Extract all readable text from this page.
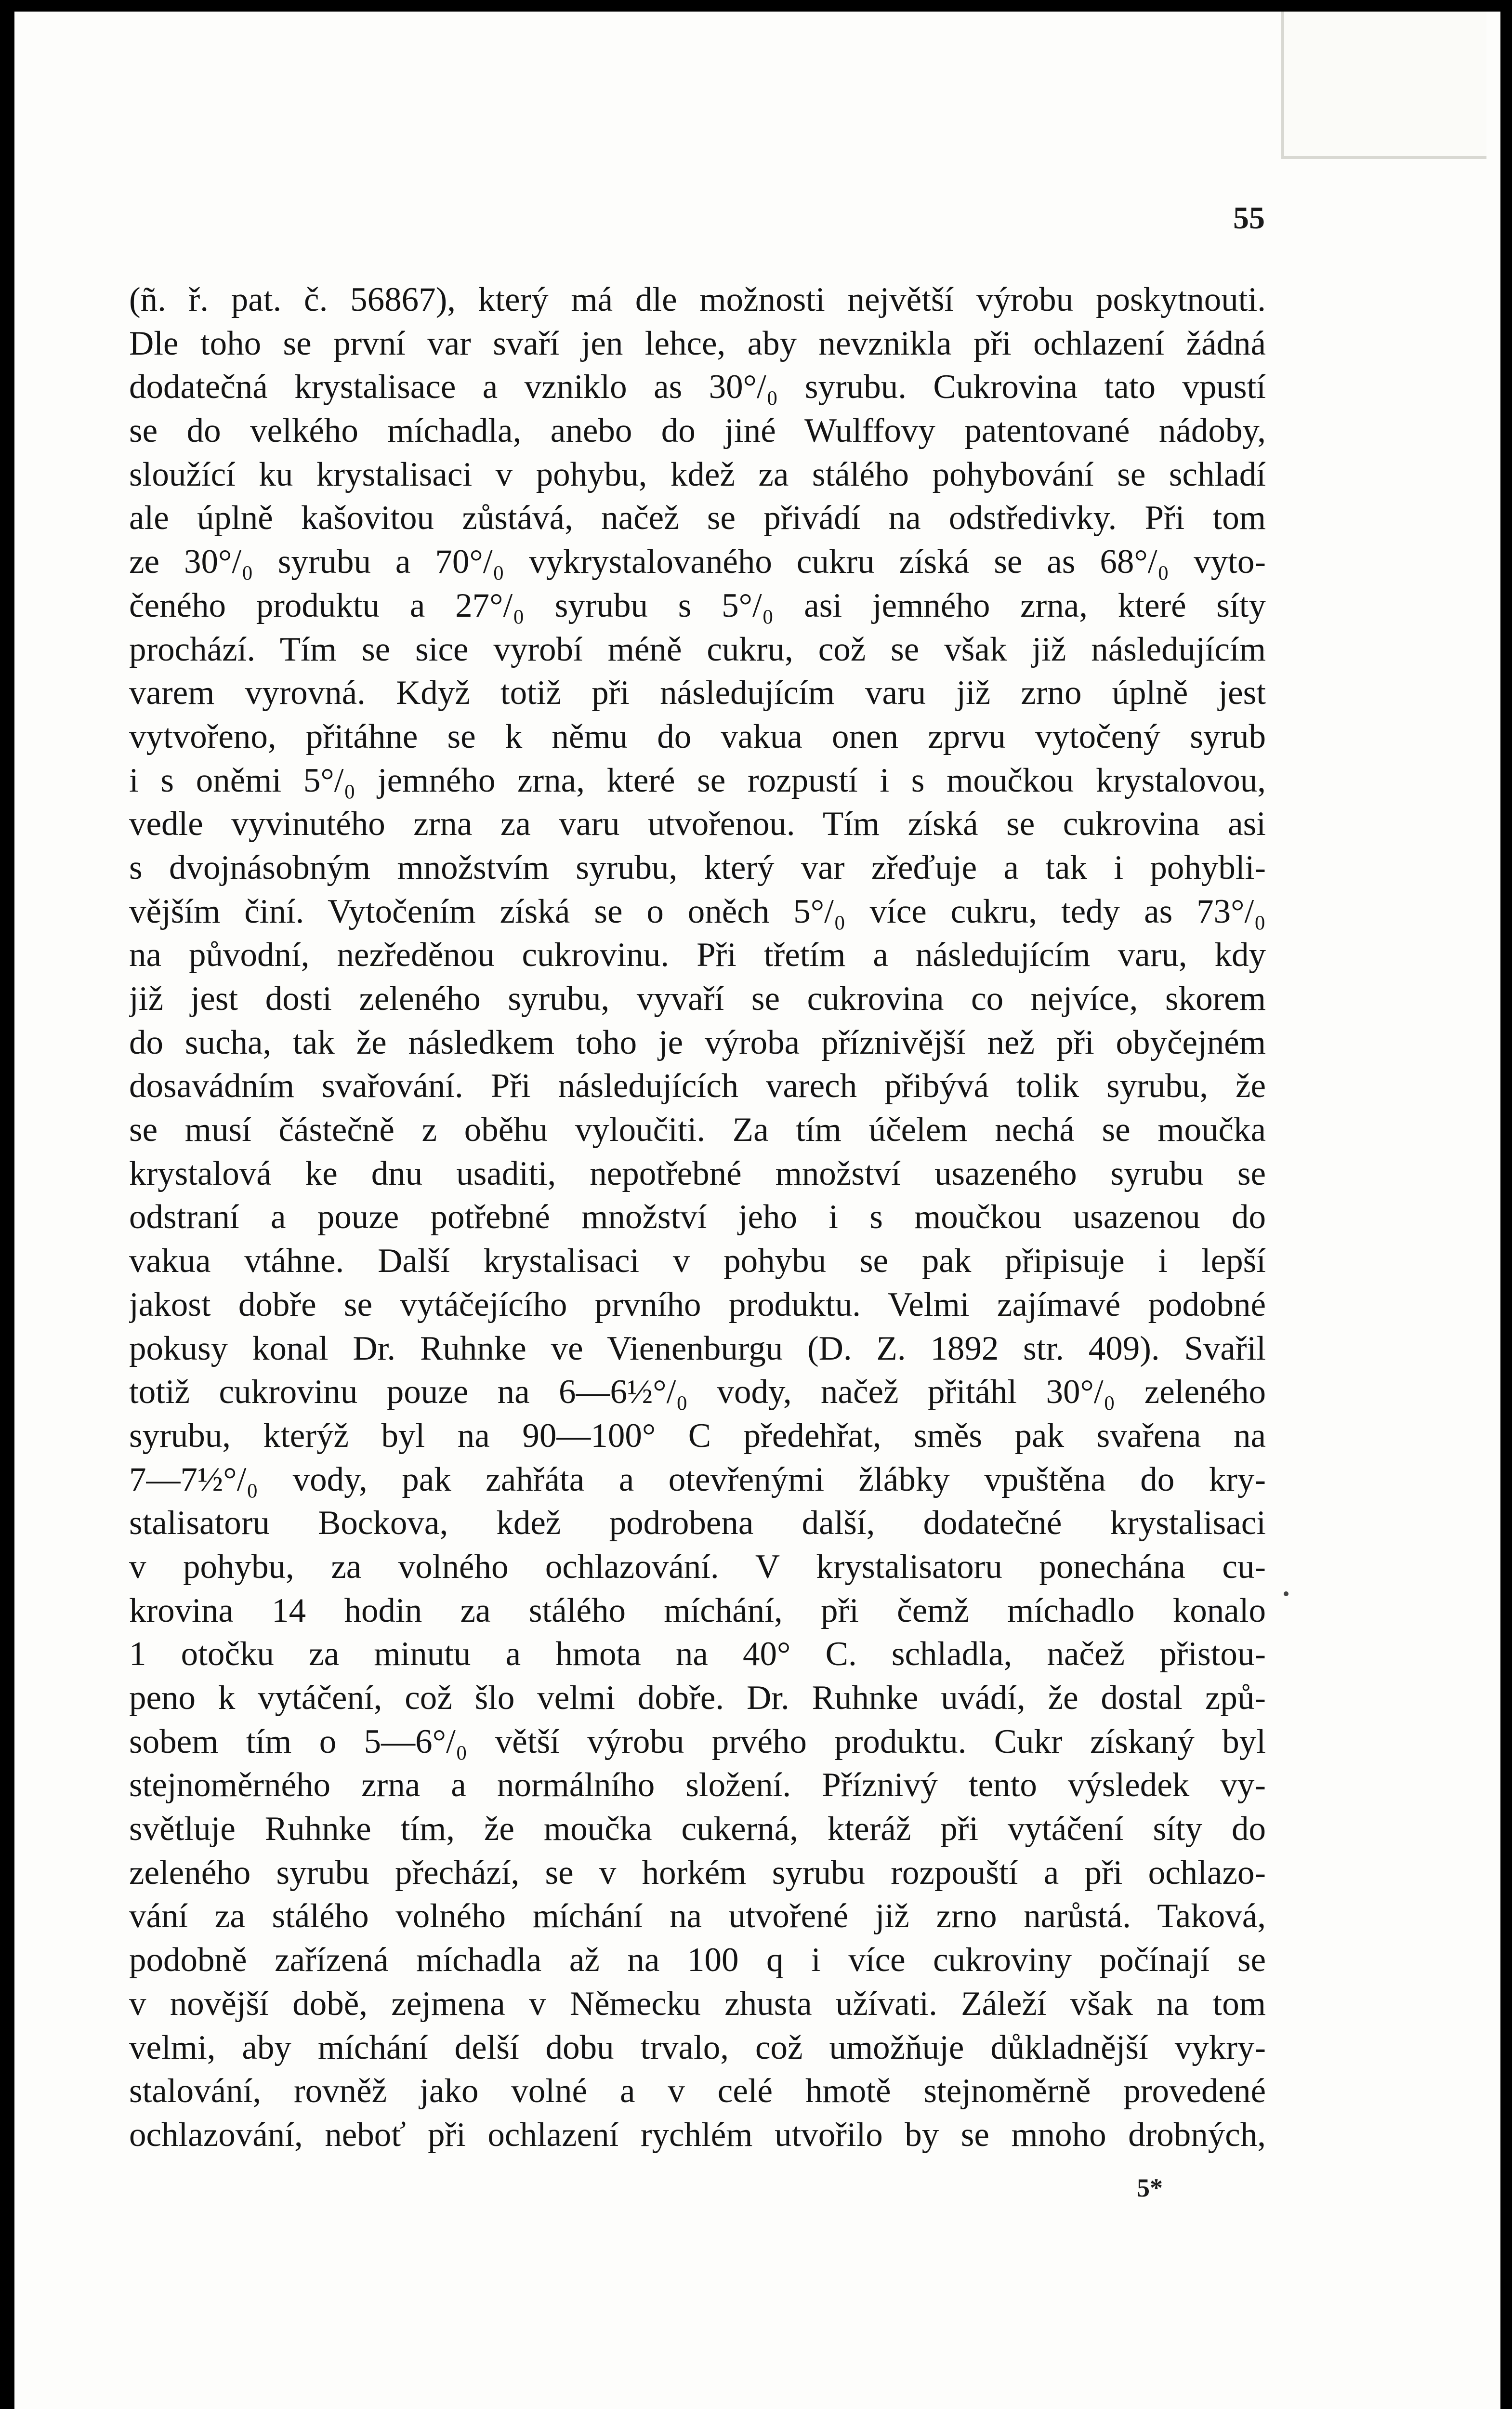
55
(ñ. ř. pat. č. 56867), který má dle možnosti největší výrobu poskytnouti.
Dle toho se první var svaří jen lehce, aby nevznikla při ochlazení žádná
dodatečná krystalisace a vzniklo as 30°/₀ syrubu. Cukrovina tato vpustí
se do velkého míchadla, anebo do jiné Wulffovy patentované nádoby,
sloužící ku krystalisaci v pohybu, kdež za stálého pohybování se schladí
ale úplně kašovitou zůstává, načež se přivádí na odstředivky. Při tom
ze 30°/₀ syrubu a 70°/₀ vykrystalovaného cukru získá se as 68°/₀ vyto-
čeného produktu a 27°/₀ syrubu s 5°/₀ asi jemného zrna, které síty
prochází. Tím se sice vyrobí méně cukru, což se však již následujícím
varem vyrovná. Když totiž při následujícím varu již zrno úplně jest
vytvořeno, přitáhne se k němu do vakua onen zprvu vytočený syrub
i s oněmi 5°/₀ jemného zrna, které se rozpustí i s moučkou krystalovou,
vedle vyvinutého zrna za varu utvořenou. Tím získá se cukrovina asi
s dvojnásobným množstvím syrubu, který var zřeďuje a tak i pohybli-
vějším činí. Vytočením získá se o oněch 5°/₀ více cukru, tedy as 73°/₀
na původní, nezředěnou cukrovinu. Při třetím a následujícím varu, kdy
již jest dosti zeleného syrubu, vyvaří se cukrovina co nejvíce, skorem
do sucha, tak že následkem toho je výroba příznivější než při obyčejném
dosavádním svařování. Při následujících varech přibývá tolik syrubu, že
se musí částečně z oběhu vyloučiti. Za tím účelem nechá se moučka
krystalová ke dnu usaditi, nepotřebné množství usazeného syrubu se
odstraní a pouze potřebné množství jeho i s moučkou usazenou do
vakua vtáhne. Další krystalisaci v pohybu se pak připisuje i lepší
jakost dobře se vytáčejícího prvního produktu. Velmi zajímavé podobné
pokusy konal Dr. Ruhnke ve Vienenburgu (D. Z. 1892 str. 409). Svařil
totiž cukrovinu pouze na 6—6½°/₀ vody, načež přitáhl 30°/₀ zeleného
syrubu, kterýž byl na 90—100° C předehřat, směs pak svařena na
7—7½°/₀ vody, pak zahřáta a otevřenými žlábky vpuštěna do kry-
stalisatoru Bockova, kdež podrobena další, dodatečné krystalisaci
v pohybu, za volného ochlazování. V krystalisatoru ponechána cu-
krovina 14 hodin za stálého míchání, při čemž míchadlo konalo
1 otočku za minutu a hmota na 40° C. schladla, načež přistou-
peno k vytáčení, což šlo velmi dobře. Dr. Ruhnke uvádí, že dostal způ-
sobem tím o 5—6°/₀ větší výrobu prvého produktu. Cukr získaný byl
stejnoměrného zrna a normálního složení. Příznivý tento výsledek vy-
světluje Ruhnke tím, že moučka cukerná, kteráž při vytáčení síty do
zeleného syrubu přechází, se v horkém syrubu rozpouští a při ochlazo-
vání za stálého volného míchání na utvořené již zrno narůstá. Taková,
podobně zařízená míchadla až na 100 q i více cukroviny počínají se
v novější době, zejmena v Německu zhusta užívati. Záleží však na tom
velmi, aby míchání delší dobu trvalo, což umožňuje důkladnější vykry-
stalování, rovněž jako volné a v celé hmotě stejnoměrně provedené
ochlazování, neboť při ochlazení rychlém utvořilo by se mnoho drobných,
5*
